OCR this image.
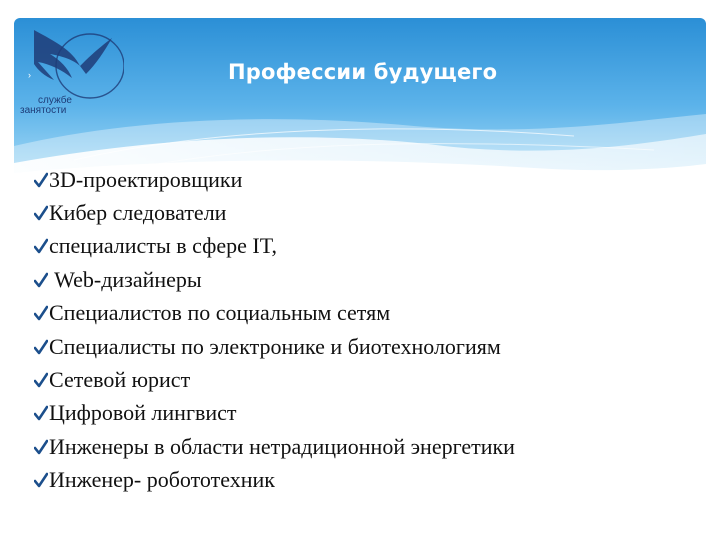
›
службе
занятости
Профессии будущего
3D-проектировщики
Кибер следователи
специалисты в сфере IT,
Web-дизайнеры
Специалистов по социальным сетям
Специалисты по электронике и биотехнологиям
Сетевой юрист
Цифровой лингвист
Инженеры в области нетрадиционной энергетики
Инженер- робототехник
